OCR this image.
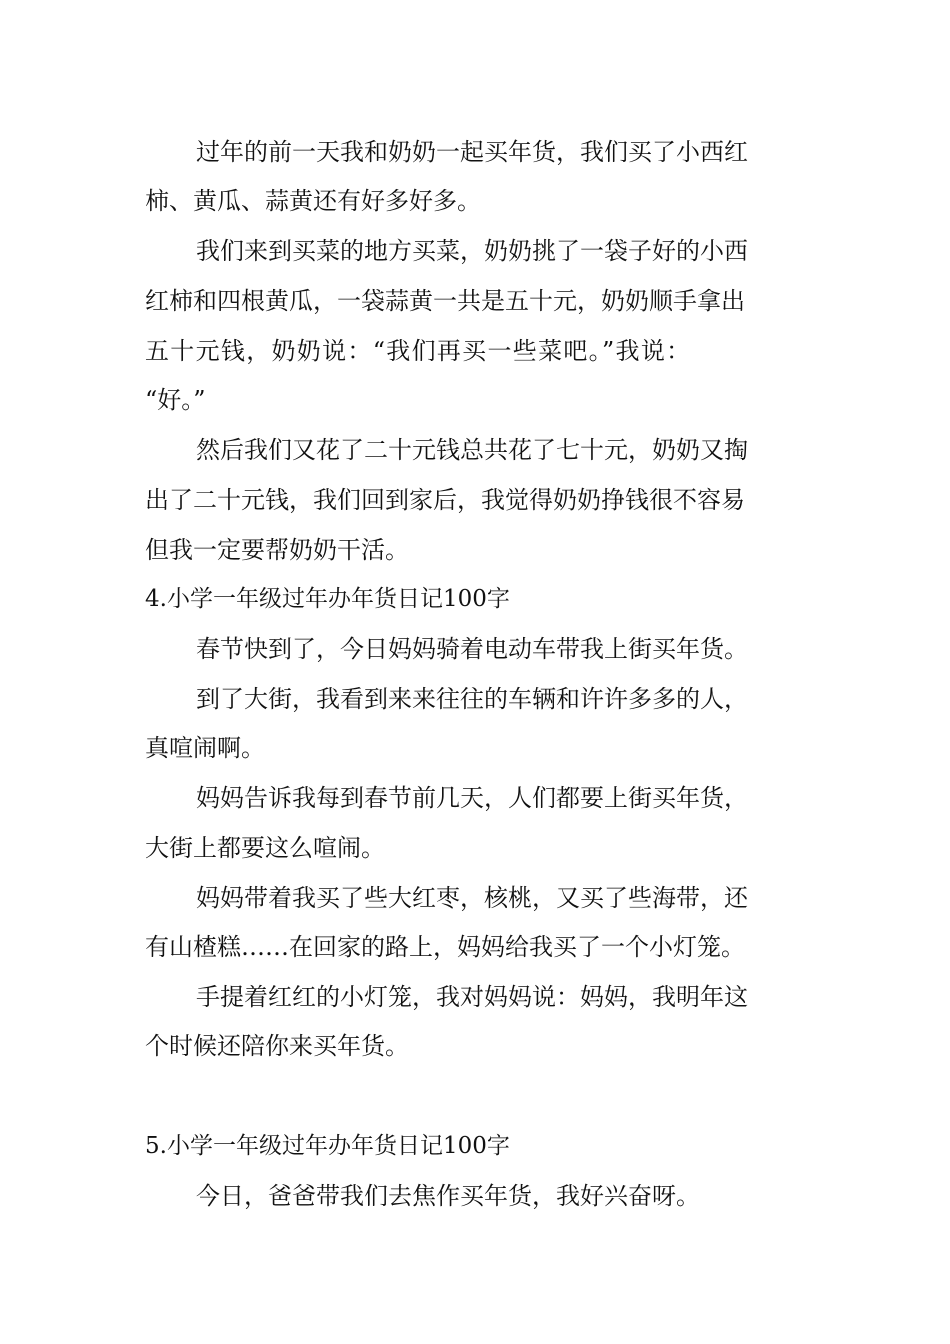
过年的前一天我和奶奶一起买年货，我们买了小西红
柿、黄瓜、蒜黄还有好多好多。
我们来到买菜的地方买菜，奶奶挑了一袋子好的小西
红柿和四根黄瓜，一袋蒜黄一共是五十元，奶奶顺手拿出
五十元钱，奶奶说：“我们再买一些菜吧。”我说：
“好。”
然后我们又花了二十元钱总共花了七十元，奶奶又掏
出了二十元钱，我们回到家后，我觉得奶奶挣钱很不容易
但我一定要帮奶奶干活。
4.小学一年级过年办年货日记100字
春节快到了，今日妈妈骑着电动车带我上街买年货。
到了大街，我看到来来往往的车辆和许许多多的人，
真喧闹啊。
妈妈告诉我每到春节前几天，人们都要上街买年货，
大街上都要这么喧闹。
妈妈带着我买了些大红枣，核桃，又买了些海带，还
有山楂糕……在回家的路上，妈妈给我买了一个小灯笼。
手提着红红的小灯笼，我对妈妈说：妈妈，我明年这
个时候还陪你来买年货。
5.小学一年级过年办年货日记100字
今日，爸爸带我们去焦作买年货，我好兴奋呀。
